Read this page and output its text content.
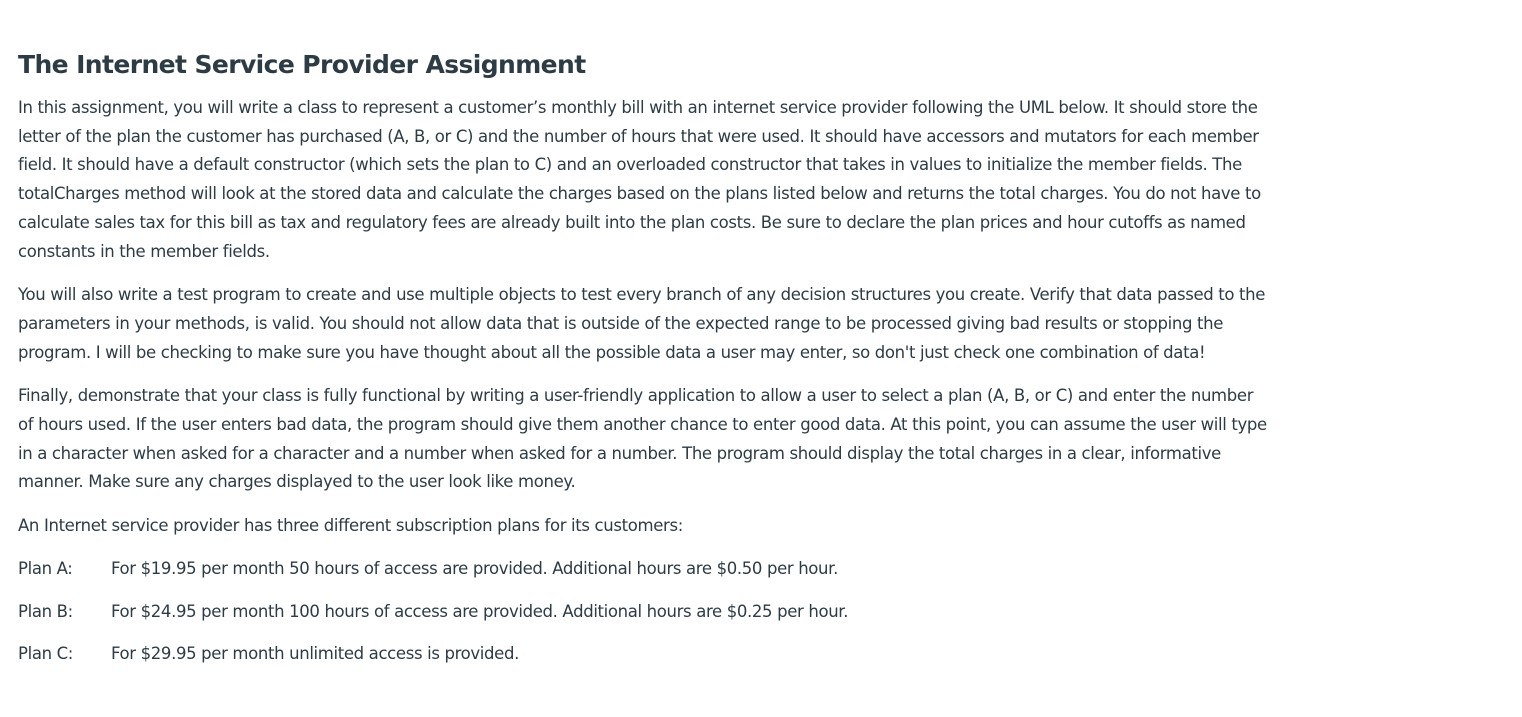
The Internet Service Provider Assignment

In this assignment, you will write a class to represent a customer’s monthly bill with an internet service provider following the UML below. It should store the letter of the plan the customer has purchased (A, B, or C) and the number of hours that were used. It should have accessors and mutators for each member field. It should have a default constructor (which sets the plan to C) and an overloaded constructor that takes in values to initialize the member fields. The totalCharges method will look at the stored data and calculate the charges based on the plans listed below and returns the total charges. You do not have to calculate sales tax for this bill as tax and regulatory fees are already built into the plan costs. Be sure to declare the plan prices and hour cutoffs as named constants in the member fields.

You will also write a test program to create and use multiple objects to test every branch of any decision structures you create. Verify that data passed to the parameters in your methods, is valid. You should not allow data that is outside of the expected range to be processed giving bad results or stopping the program. I will be checking to make sure you have thought about all the possible data a user may enter, so don't just check one combination of data!

Finally, demonstrate that your class is fully functional by writing a user-friendly application to allow a user to select a plan (A, B, or C) and enter the number of hours used. If the user enters bad data, the program should give them another chance to enter good data. At this point, you can assume the user will type in a character when asked for a character and a number when asked for a number. The program should display the total charges in a clear, informative manner. Make sure any charges displayed to the user look like money.

An Internet service provider has three different subscription plans for its customers:

Plan A:	For $19.95 per month 50 hours of access are provided. Additional hours are $0.50 per hour.
Plan B:	For $24.95 per month 100 hours of access are provided. Additional hours are $0.25 per hour.
Plan C:	For $29.95 per month unlimited access is provided.
